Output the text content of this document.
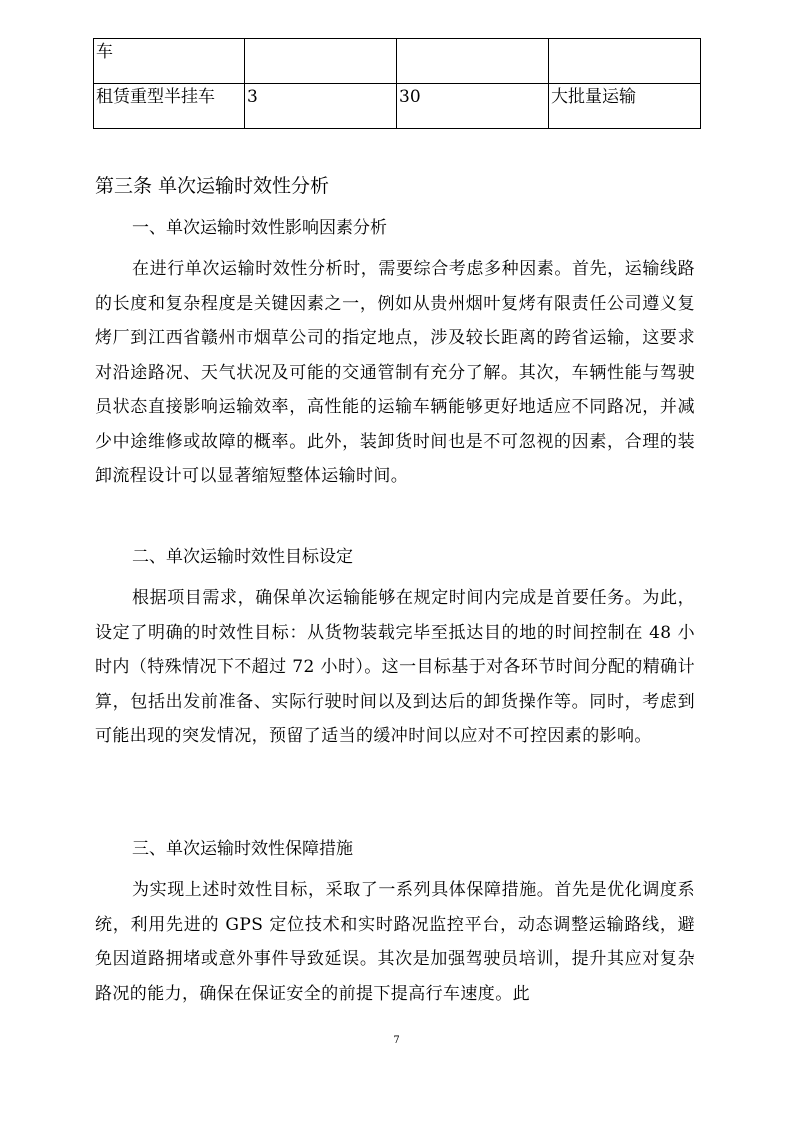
车			
租赁重型半挂车	3	30	大批量运输
第三条 单次运输时效性分析
一、单次运输时效性影响因素分析

在进行单次运输时效性分析时，需要综合考虑多种因素。首先，运输线路的长度和复杂程度是关键因素之一，例如从贵州烟叶复烤有限责任公司遵义复烤厂到江西省赣州市烟草公司的指定地点，涉及较长距离的跨省运输，这要求对沿途路况、天气状况及可能的交通管制有充分了解。其次，车辆性能与驾驶员状态直接影响运输效率，高性能的运输车辆能够更好地适应不同路况，并减少中途维修或故障的概率。此外，装卸货时间也是不可忽视的因素，合理的装卸流程设计可以显著缩短整体运输时间。

二、单次运输时效性目标设定

根据项目需求，确保单次运输能够在规定时间内完成是首要任务。为此，设定了明确的时效性目标：从货物装载完毕至抵达目的地的时间控制在 48 小时内（特殊情况下不超过 72 小时）。这一目标基于对各环节时间分配的精确计算，包括出发前准备、实际行驶时间以及到达后的卸货操作等。同时，考虑到可能出现的突发情况，预留了适当的缓冲时间以应对不可控因素的影响。

三、单次运输时效性保障措施

为实现上述时效性目标，采取了一系列具体保障措施。首先是优化调度系统，利用先进的 GPS 定位技术和实时路况监控平台，动态调整运输路线，避免因道路拥堵或意外事件导致延误。其次是加强驾驶员培训，提升其应对复杂路况的能力，确保在保证安全的前提下提高行车速度。此

7
